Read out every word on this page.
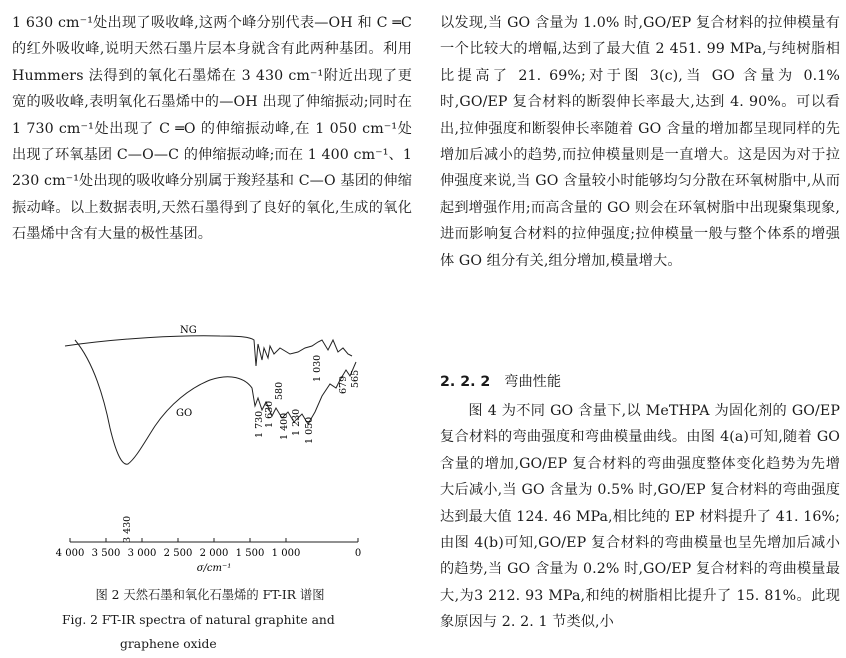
1 630 cm⁻¹处出现了吸收峰,这两个峰分别代表—OH 和 C ═C 的红外吸收峰,说明天然石墨片层本身就含有此两种基团。利用 Hummers 法得到的氧化石墨烯在 3 430 cm⁻¹附近出现了更宽的吸收峰,表明氧化石墨烯中的—OH 出现了伸缩振动;同时在 1 730 cm⁻¹处出现了 C ═O 的伸缩振动峰,在 1 050 cm⁻¹处出现了环氧基团 C—O—C 的伸缩振动峰;而在 1 400 cm⁻¹、1 230 cm⁻¹处出现的吸收峰分别属于羧羟基和 C—O 基团的伸缩振动峰。以上数据表明,天然石墨得到了良好的氧化,生成的氧化石墨烯中含有大量的极性基团。

NG
GO
3 430
1 730 1 630 1 400 1 230 1 050
580
1 030
679 565
4 000 3 500 3 000 2 500 2 000 1 500 1 000	0
σ/cm⁻¹
图 2 天然石墨和氧化石墨烯的 FT-IR 谱图
Fig. 2 FT-IR spectra of natural graphite and
graphene oxide

以发现,当 GO 含量为 1.0% 时,GO/EP 复合材料的拉伸模量有一个比较大的增幅,达到了最大值 2 451. 99 MPa,与纯树脂相比提高了 21. 69%;对于图 3(c),当 GO 含量为 0.1% 时,GO/EP 复合材料的断裂伸长率最大,达到 4. 90%。可以看出,拉伸强度和断裂伸长率随着 GO 含量的增加都呈现同样的先增加后减小的趋势,而拉伸模量则是一直增大。这是因为对于拉伸强度来说,当 GO 含量较小时能够均匀分散在环氧树脂中,从而起到增强作用;而高含量的 GO 则会在环氧树脂中出现聚集现象,进而影响复合材料的拉伸强度;拉伸模量一般与整个体系的增强体 GO 组分有关,组分增加,模量增大。

2. 2. 2 弯曲性能

图 4 为不同 GO 含量下,以 MeTHPA 为固化剂的 GO/EP 复合材料的弯曲强度和弯曲模量曲线。由图 4(a)可知,随着 GO 含量的增加,GO/EP 复合材料的弯曲强度整体变化趋势为先增大后减小,当 GO 含量为 0.5% 时,GO/EP 复合材料的弯曲强度达到最大值 124. 46 MPa,相比纯的 EP 材料提升了 41. 16%;由图 4(b)可知,GO/EP 复合材料的弯曲模量也呈先增加后减小的趋势,当 GO 含量为 0.2% 时,GO/EP 复合材料的弯曲模量最大,为3 212. 93 MPa,和纯的树脂相比提升了 15. 81%。此现象原因与 2. 2. 1 节类似,小
